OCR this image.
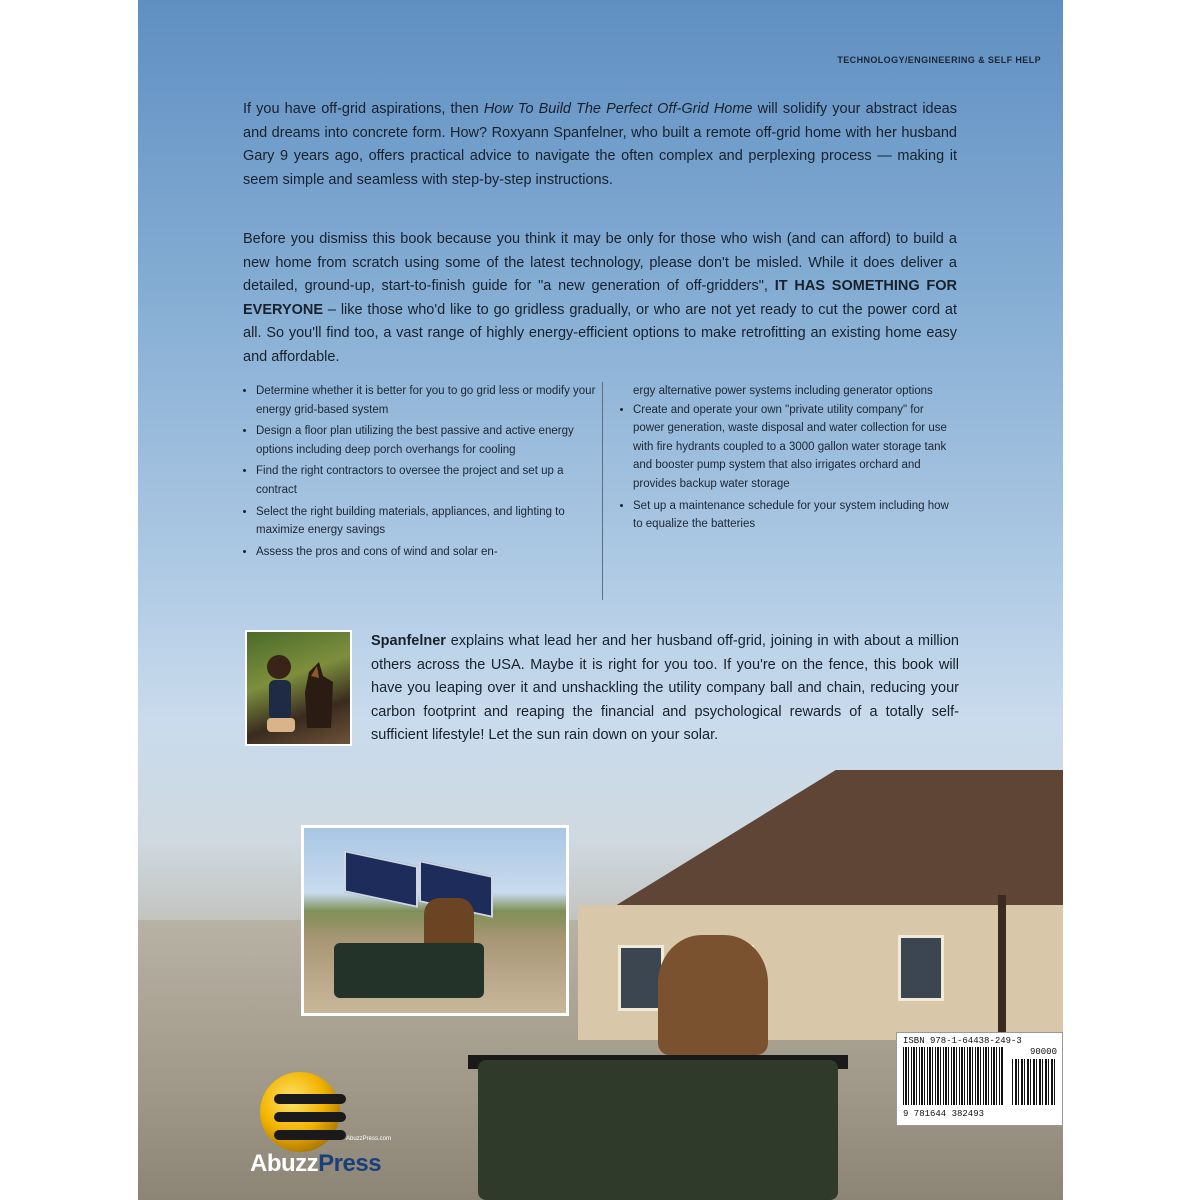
TECHNOLOGY/ENGINEERING & SELF HELP

If you have off-grid aspirations, then How To Build The Perfect Off-Grid Home will solidify your abstract ideas and dreams into concrete form. How? Roxyann Spanfelner, who built a remote off-grid home with her husband Gary 9 years ago, offers practical advice to navigate the often complex and perplexing process — making it seem simple and seamless with step-by-step instructions.

Before you dismiss this book because you think it may be only for those who wish (and can afford) to build a new home from scratch using some of the latest technology, please don't be misled. While it does deliver a detailed, ground-up, start-to-finish guide for "a new generation of off-gridders", IT HAS SOMETHING FOR EVERYONE – like those who'd like to go gridless gradually, or who are not yet ready to cut the power cord at all. So you'll find too, a vast range of highly energy-efficient options to make retrofitting an existing home easy and affordable.

• Determine whether it is better for you to go grid less or modify your energy grid-based system
• Design a floor plan utilizing the best passive and active energy options including deep porch overhangs for cooling
• Find the right contractors to oversee the project and set up a contract
• Select the right building materials, appliances, and lighting to maximize energy savings
• Assess the pros and cons of wind and solar en-
ergy alternative power systems including generator options
• Create and operate your own "private utility company" for power generation, waste disposal and water collection for use with fire hydrants coupled to a 3000 gallon water storage tank and booster pump system that also irrigates orchard and provides backup water storage
• Set up a maintenance schedule for your system including how to equalize the batteries

Spanfelner explains what lead her and her husband off-grid, joining in with about a million others across the USA. Maybe it is right for you too. If you're on the fence, this book will have you leaping over it and unshackling the utility company ball and chain, reducing your carbon footprint and reaping the financial and psychological rewards of a totally self-sufficient lifestyle! Let the sun rain down on your solar.

AbuzzPress.com
AbuzzPress
ISBN 978-1-64438-249-3
90000
9 781644 382493
